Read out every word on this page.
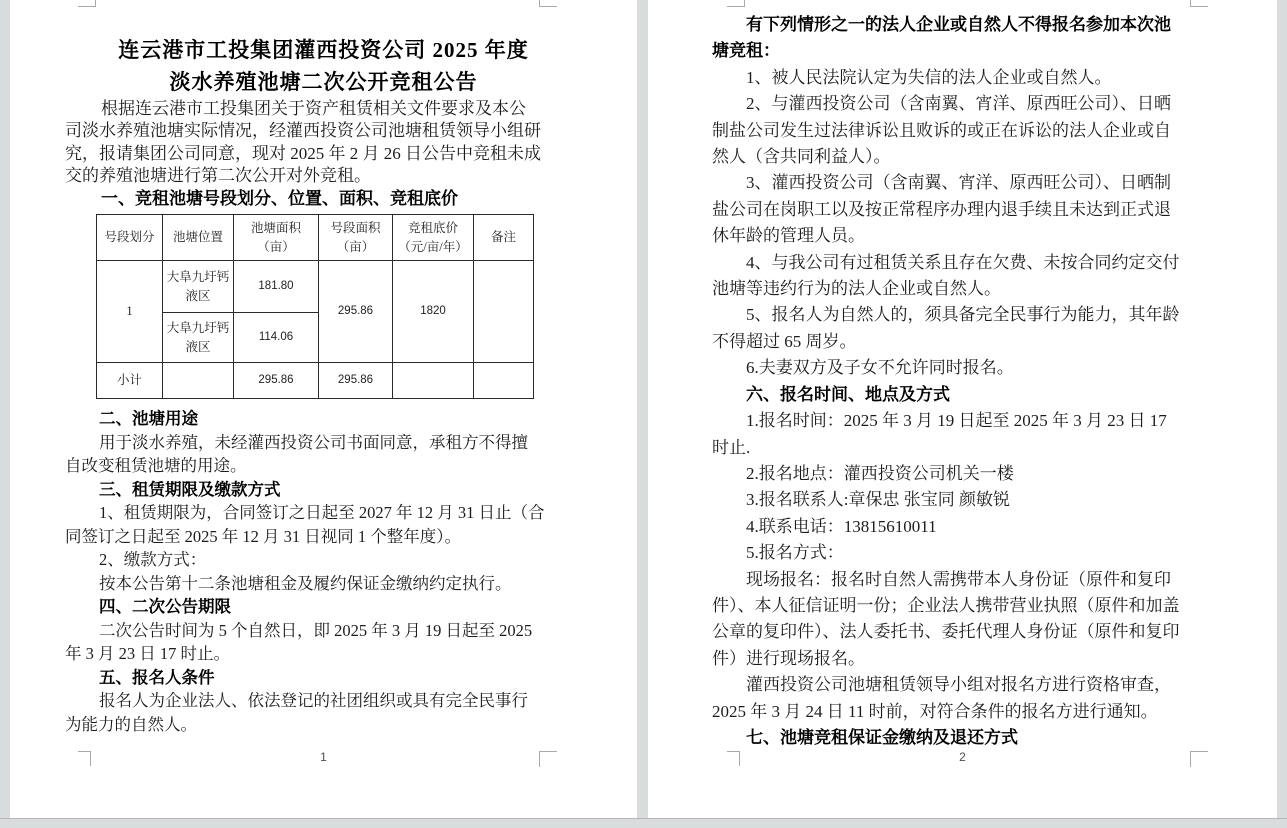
连云港市工投集团灌西投资公司 2025 年度
淡水养殖池塘二次公开竞租公告
根据连云港市工投集团关于资产租赁相关文件要求及本公
司淡水养殖池塘实际情况，经灌西投资公司池塘租赁领导小组研
究，报请集团公司同意，现对 2025 年 2 月 26 日公告中竞租未成
交的养殖池塘进行第二次公开对外竞租。
一、竞租池塘号段划分、位置、面积、竞租底价
号段划分	池塘位置	池塘面积（亩）	号段面积（亩）	竞租底价（元/亩/年）	备注
1	大阜九圩钙液区	181.80	295.86	1820	
	大阜九圩钙液区	114.06			
小计		295.86	295.86		
二、池塘用途
用于淡水养殖，未经灌西投资公司书面同意，承租方不得擅
自改变租赁池塘的用途。
三、租赁期限及缴款方式
1、租赁期限为，合同签订之日起至 2027 年 12 月 31 日止（合
同签订之日起至 2025 年 12 月 31 日视同 1 个整年度）。
2、缴款方式：
按本公告第十二条池塘租金及履约保证金缴纳约定执行。
四、二次公告期限
二次公告时间为 5 个自然日，即 2025 年 3 月 19 日起至 2025
年 3 月 23 日 17 时止。
五、报名人条件
报名人为企业法人、依法登记的社团组织或具有完全民事行
为能力的自然人。
1
有下列情形之一的法人企业或自然人不得报名参加本次池
塘竞租：
1、被人民法院认定为失信的法人企业或自然人。
2、与灌西投资公司（含南翼、宵洋、原西旺公司）、日晒
制盐公司发生过法律诉讼且败诉的或正在诉讼的法人企业或自
然人（含共同利益人）。
3、灌西投资公司（含南翼、宵洋、原西旺公司）、日晒制
盐公司在岗职工以及按正常程序办理内退手续且未达到正式退
休年龄的管理人员。
4、与我公司有过租赁关系且存在欠费、未按合同约定交付
池塘等违约行为的法人企业或自然人。
5、报名人为自然人的，须具备完全民事行为能力，其年龄
不得超过 65 周岁。
6.夫妻双方及子女不允许同时报名。
六、报名时间、地点及方式
1.报名时间：2025 年 3 月 19 日起至 2025 年 3 月 23 日 17
时止.
2.报名地点：灌西投资公司机关一楼
3.报名联系人:章保忠 张宝同 颜敏锐
4.联系电话：13815610011
5.报名方式：
现场报名：报名时自然人需携带本人身份证（原件和复印
件）、本人征信证明一份；企业法人携带营业执照（原件和加盖
公章的复印件）、法人委托书、委托代理人身份证（原件和复印
件）进行现场报名。
灌西投资公司池塘租赁领导小组对报名方进行资格审查，
2025 年 3 月 24 日 11 时前，对符合条件的报名方进行通知。
七、池塘竞租保证金缴纳及退还方式
2
